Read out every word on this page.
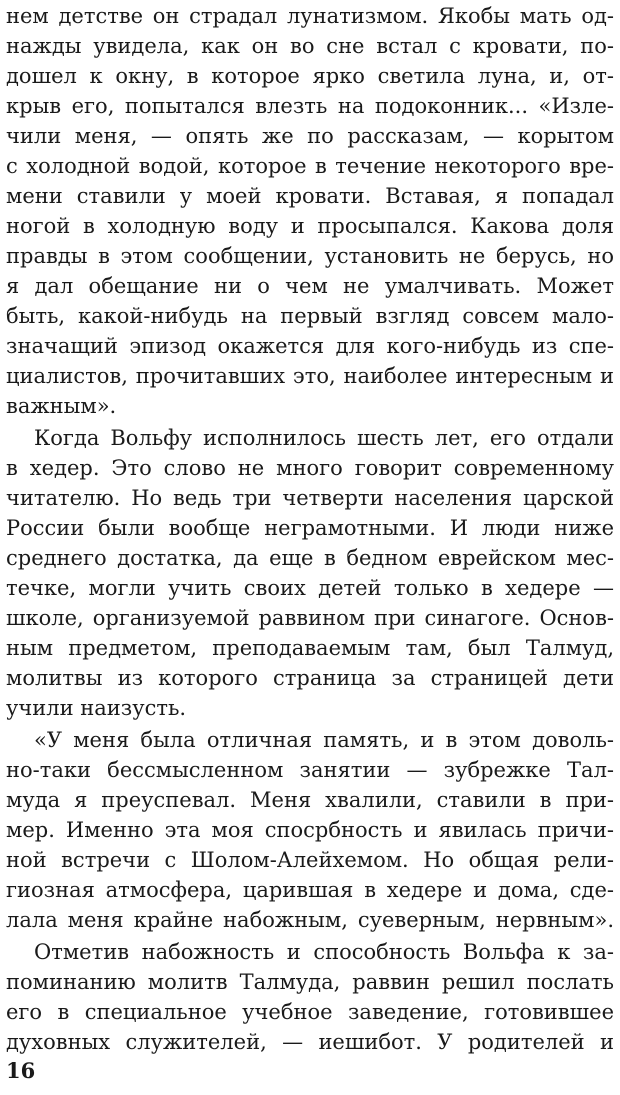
нем детстве он страдал лунатизмом. Якобы мать од-
нажды увидела, как он во сне встал с кровати, по-
дошел к окну, в которое ярко светила луна, и, от-
крыв его, попытался влезть на подоконник... «Изле-
чили меня, — опять же по рассказам, — корытом
с холодной водой, которое в течение некоторого вре-
мени ставили у моей кровати. Вставая, я попадал
ногой в холодную воду и просыпался. Какова доля
правды в этом сообщении, установить не берусь, но
я дал обещание ни о чем не умалчивать. Может
быть, какой-нибудь на первый взгляд совсем мало-
значащий эпизод окажется для кого-нибудь из спе-
циалистов, прочитавших это, наиболее интересным и
важным».
Когда Вольфу исполнилось шесть лет, его отдали
в хедер. Это слово не много говорит современному
читателю. Но ведь три четверти населения царской
России были вообще неграмотными. И люди ниже
среднего достатка, да еще в бедном еврейском мес-
течке, могли учить своих детей только в хедере —
школе, организуемой раввином при синагоге. Основ-
ным предметом, преподаваемым там, был Талмуд,
молитвы из которого страница за страницей дети
учили наизусть.
«У меня была отличная память, и в этом доволь-
но-таки бессмысленном занятии — зубрежке Тал-
муда я преуспевал. Меня хвалили, ставили в при-
мер. Именно эта моя спосрбность и явилась причи-
ной встречи с Шолом-Алейхемом. Но общая рели-
гиозная атмосфера, царившая в хедере и дома, сде-
лала меня крайне набожным, суеверным, нервным».
Отметив набожность и способность Вольфа к за-
поминанию молитв Талмуда, раввин решил послать
его в специальное учебное заведение, готовившее
духовных служителей, — иешибот. У родителей и
16
